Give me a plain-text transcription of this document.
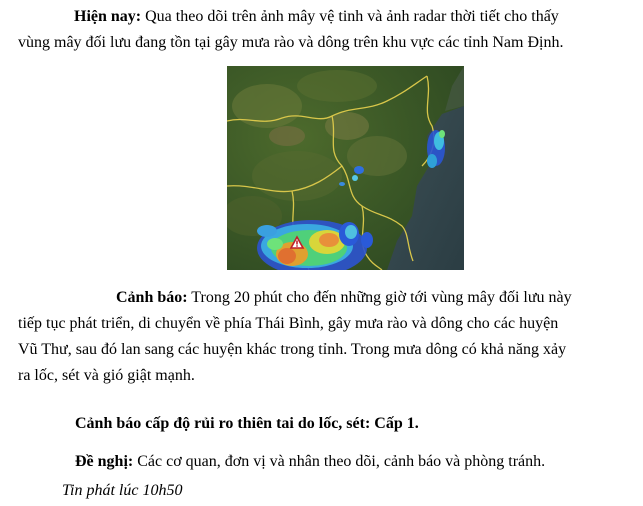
Hiện nay: Qua theo dõi trên ảnh mây vệ tinh và ảnh radar thời tiết cho thấy
vùng mây đối lưu đang tồn tại gây mưa rào và dông trên khu vực các tỉnh Nam Định.

Cảnh báo: Trong 20 phút cho đến những giờ tới vùng mây đối lưu này
tiếp tục phát triển, di chuyển về phía Thái Bình, gây mưa rào và dông cho các huyện
Vũ Thư, sau đó lan sang các huyện khác trong tỉnh. Trong mưa dông có khả năng xảy
ra lốc, sét và gió giật mạnh.

Cảnh báo cấp độ rủi ro thiên tai do lốc, sét: Cấp 1.

Đề nghị: Các cơ quan, đơn vị và nhân theo dõi, cảnh báo và phòng tránh.

Tin phát lúc 10h50
